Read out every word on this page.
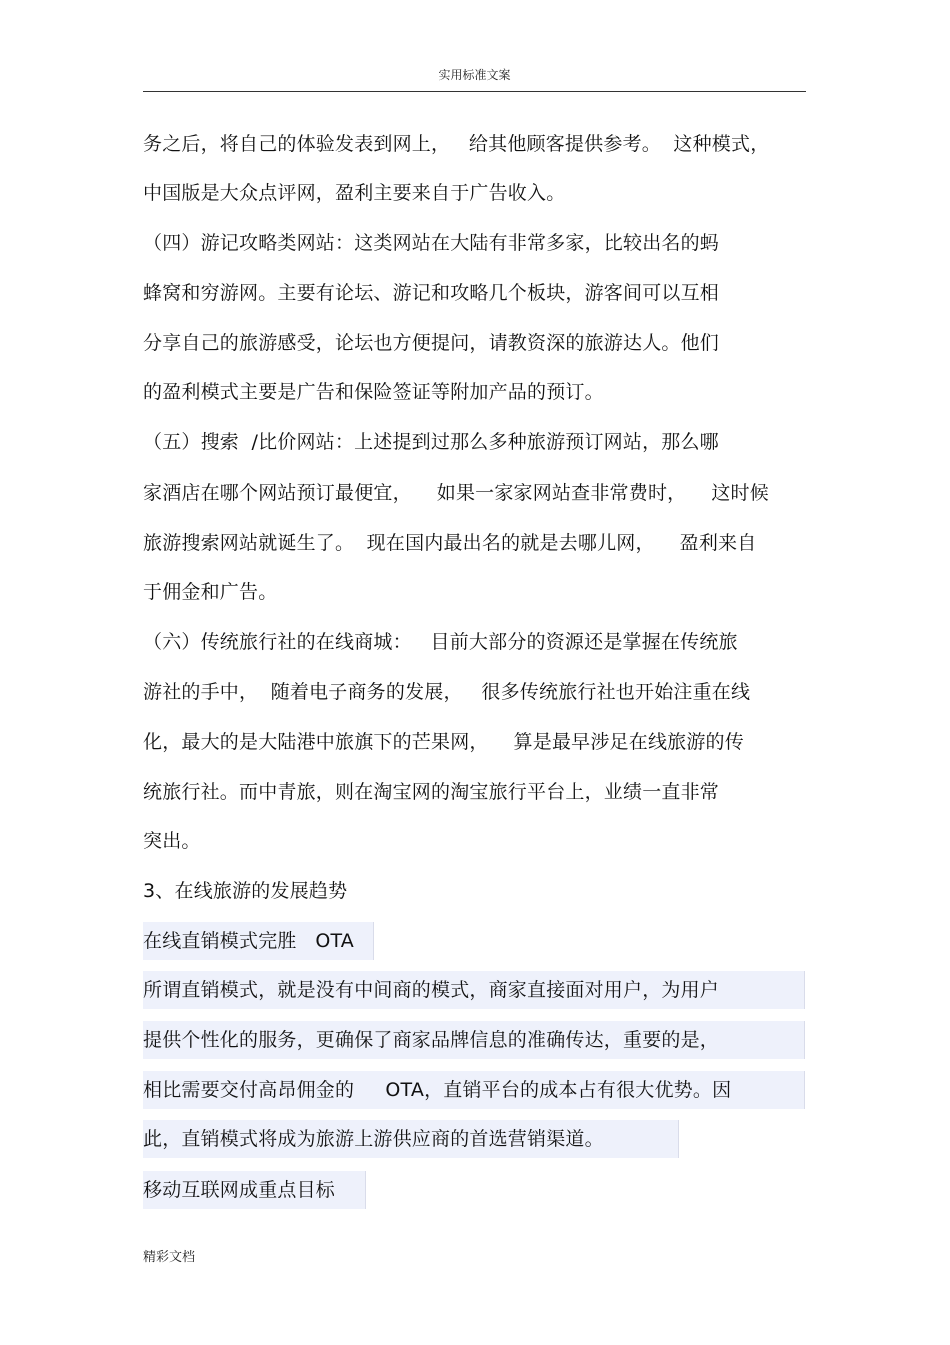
实用标准文案
务之后，将自己的体验发表到网上，   给其他顾客提供参考。  这种模式，
中国版是大众点评网，盈利主要来自于广告收入。
（四）游记攻略类网站：这类网站在大陆有非常多家，比较出名的蚂
蜂窝和穷游网。主要有论坛、游记和攻略几个板块，游客间可以互相
分享自己的旅游感受，论坛也方便提问，请教资深的旅游达人。他们
的盈利模式主要是广告和保险签证等附加产品的预订。
（五）搜索  /比价网站：上述提到过那么多种旅游预订网站，那么哪
家酒店在哪个网站预订最便宜，    如果一家家网站查非常费时，    这时候
旅游搜索网站就诞生了。  现在国内最出名的就是去哪儿网，    盈利来自
于佣金和广告。
（六）传统旅行社的在线商城：   目前大部分的资源还是掌握在传统旅
游社的手中，  随着电子商务的发展，   很多传统旅行社也开始注重在线
化，最大的是大陆港中旅旗下的芒果网，    算是最早涉足在线旅游的传
统旅行社。而中青旅，则在淘宝网的淘宝旅行平台上，业绩一直非常
突出。
3、在线旅游的发展趋势
在线直销模式完胜   OTA
所谓直销模式，就是没有中间商的模式，商家直接面对用户，为用户
提供个性化的服务，更确保了商家品牌信息的准确传达，重要的是，
相比需要交付高昂佣金的     OTA，直销平台的成本占有很大优势。因
此，直销模式将成为旅游上游供应商的首选营销渠道。
移动互联网成重点目标
精彩文档
